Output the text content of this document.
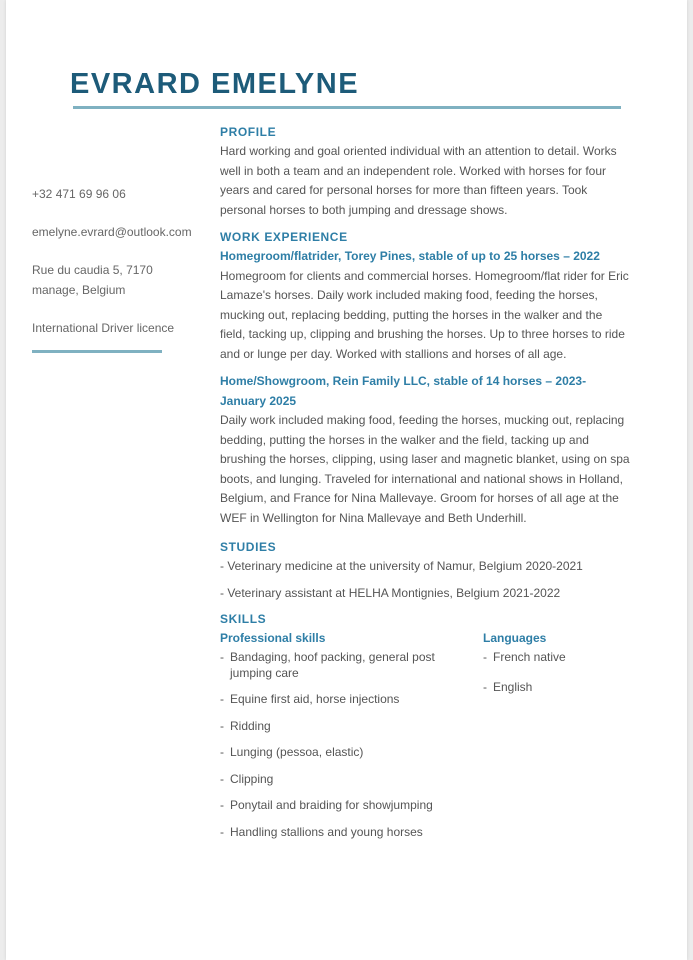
EVRARD EMELYNE
+32 471 69 96 06
emelyne.evrard@outlook.com
Rue du caudia 5, 7170
manage, Belgium
International Driver licence
PROFILE

Hard working and goal oriented individual with an attention to detail. Works well in both a team and an independent role. Worked with horses for four years and cared for personal horses for more than fifteen years. Took personal horses to both jumping and dressage shows.

WORK EXPERIENCE

Homegroom/flatrider, Torey Pines, stable of up to 25 horses – 2022

Homegroom for clients and commercial horses. Homegroom/flat rider for Eric Lamaze's horses. Daily work included making food, feeding the horses, mucking out, replacing bedding, putting the horses in the walker and the field, tacking up, clipping and brushing the horses. Up to three horses to ride and or lunge per day. Worked with stallions and horses of all age.

Home/Showgroom, Rein Family LLC, stable of 14 horses – 2023- January 2025

Daily work included making food, feeding the horses, mucking out, replacing bedding, putting the horses in the walker and the field, tacking up and brushing the horses, clipping, using laser and magnetic blanket, using on spa boots, and lunging. Traveled for international and national shows in Holland, Belgium, and France for Nina Mallevaye. Groom for horses of all age at the WEF in Wellington for Nina Mallevaye and Beth Underhill.

STUDIES

- Veterinary medicine at the university of Namur, Belgium 2020-2021

- Veterinary assistant at HELHA Montignies, Belgium 2021-2022

SKILLS

Professional skills

- Bandaging, hoof packing, general post jumping care
- Equine first aid, horse injections
- Ridding
- Lunging (pessoa, elastic)
- Clipping
- Ponytail and braiding for showjumping
- Handling stallions and young horses

Languages

- French native
- English
